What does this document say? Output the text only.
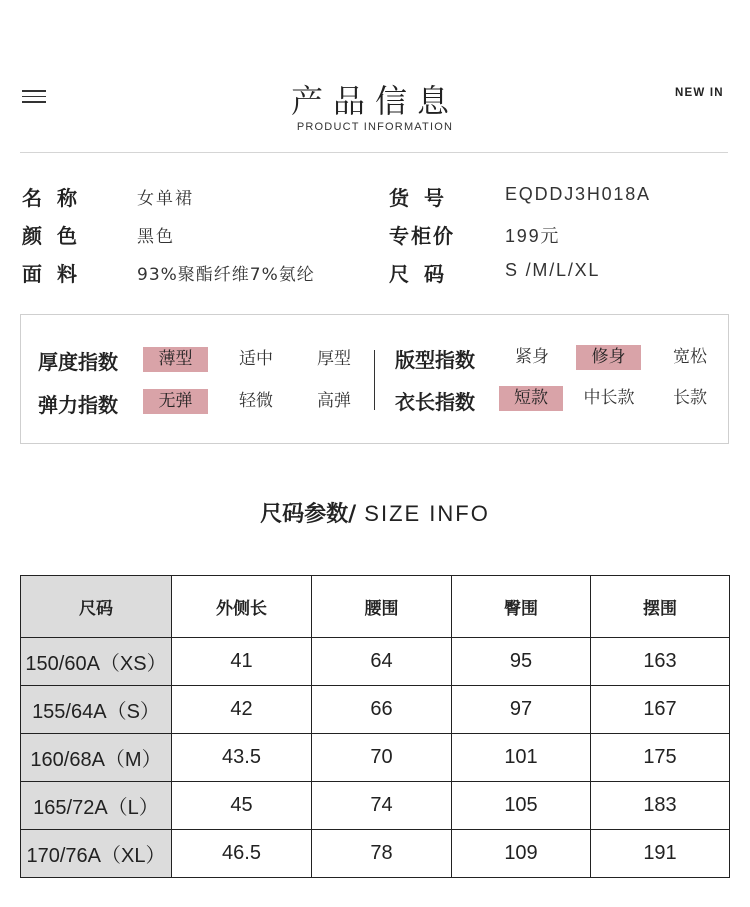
产品信息
PRODUCT INFORMATION
NEW IN
名 称	女单裙
颜 色	黑色
面 料	93%聚酯纤维7%氨纶
货 号	EQDDJ3H018A
专柜价	199元
尺 码	S /M/L/XL
厚度指数	薄型	适中	厚型
弹力指数	无弹	轻微	高弹
版型指数	紧身	修身	宽松
衣长指数	短款	中长款	长款
尺码参数/ SIZE INFO
尺码	外侧长	腰围	臀围	摆围
150/60A（XS）	41	64	95	163
155/64A（S）	42	66	97	167
160/68A（M）	43.5	70	101	175
165/72A（L）	45	74	105	183
170/76A（XL）	46.5	78	109	191
